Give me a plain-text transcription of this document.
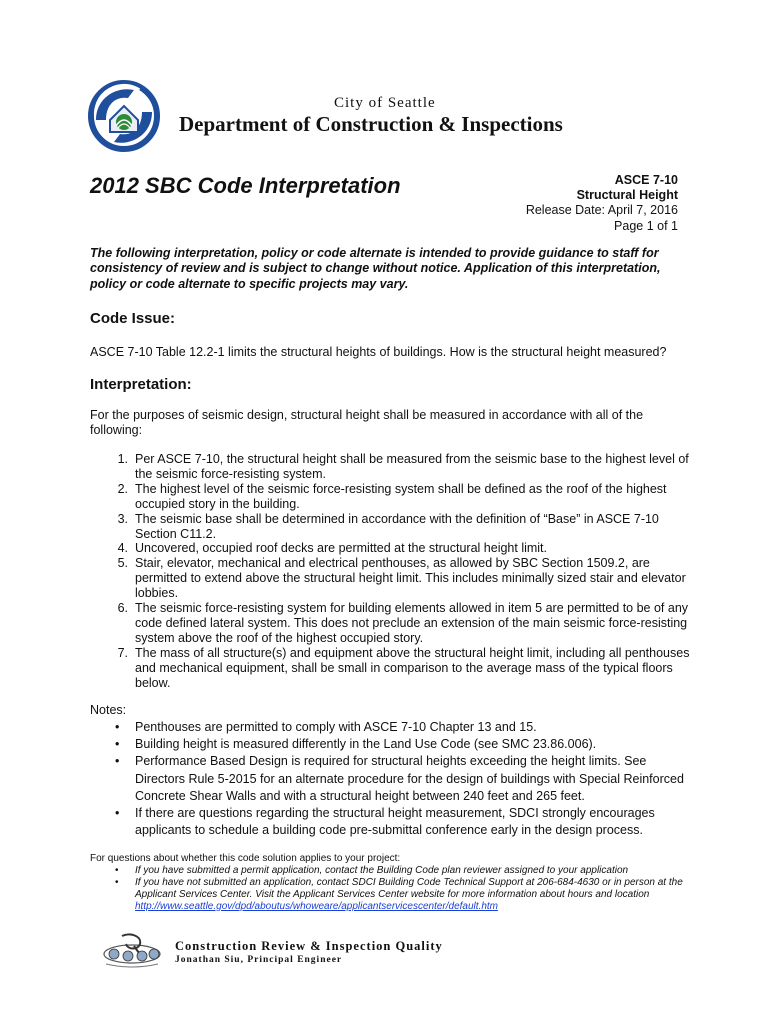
City of Seattle
Department of Construction & Inspections
2012 SBC Code Interpretation	ASCE 7-10
Structural Height
Release Date: April 7, 2016
Page 1 of 1
The following interpretation, policy or code alternate is intended to provide guidance to staff for consistency of review and is subject to change without notice. Application of this interpretation, policy or code alternate to specific projects may vary.
Code Issue:
ASCE 7-10 Table 12.2-1 limits the structural heights of buildings. How is the structural height measured?
Interpretation:
For the purposes of seismic design, structural height shall be measured in accordance with all of the following:
1. Per ASCE 7-10, the structural height shall be measured from the seismic base to the highest level of the seismic force-resisting system.
2. The highest level of the seismic force-resisting system shall be defined as the roof of the highest occupied story in the building.
3. The seismic base shall be determined in accordance with the definition of “Base” in ASCE 7-10 Section C11.2.
4. Uncovered, occupied roof decks are permitted at the structural height limit.
5. Stair, elevator, mechanical and electrical penthouses, as allowed by SBC Section 1509.2, are permitted to extend above the structural height limit. This includes minimally sized stair and elevator lobbies.
6. The seismic force-resisting system for building elements allowed in item 5 are permitted to be of any code defined lateral system. This does not preclude an extension of the main seismic force-resisting system above the roof of the highest occupied story.
7. The mass of all structure(s) and equipment above the structural height limit, including all penthouses and mechanical equipment, shall be small in comparison to the average mass of the typical floors below.
Notes:
• Penthouses are permitted to comply with ASCE 7-10 Chapter 13 and 15.
• Building height is measured differently in the Land Use Code (see SMC 23.86.006).
• Performance Based Design is required for structural heights exceeding the height limits. See Directors Rule 5-2015 for an alternate procedure for the design of buildings with Special Reinforced Concrete Shear Walls and with a structural height between 240 feet and 265 feet.
• If there are questions regarding the structural height measurement, SDCI strongly encourages applicants to schedule a building code pre-submittal conference early in the design process.
For questions about whether this code solution applies to your project:
• If you have submitted a permit application, contact the Building Code plan reviewer assigned to your application
• If you have not submitted an application, contact SDCI Building Code Technical Support at 206-684-4630 or in person at the Applicant Services Center. Visit the Applicant Services Center website for more information about hours and location
http://www.seattle.gov/dpd/aboutus/whoweare/applicantservicescenter/default.htm
Construction Review & Inspection Quality
Jonathan Siu, Principal Engineer
